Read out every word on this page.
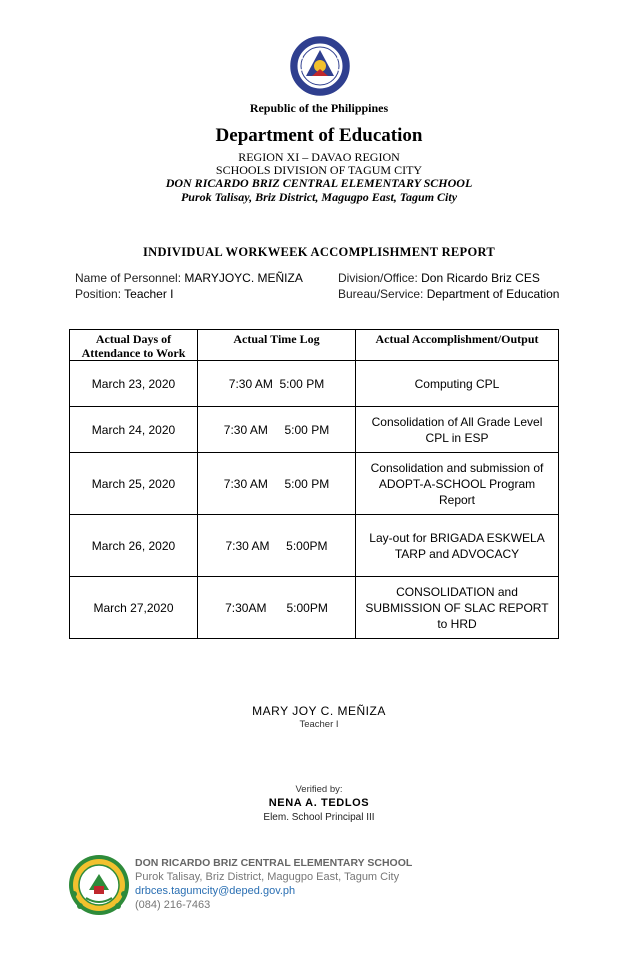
Republic of the Philippines
Department of Education
REGION XI – DAVAO REGION
SCHOOLS DIVISION OF TAGUM CITY
DON RICARDO BRIZ CENTRAL ELEMENTARY SCHOOL
Purok Talisay, Briz District, Magugpo East, Tagum City
INDIVIDUAL WORKWEEK ACCOMPLISHMENT REPORT
Name of Personnel: MARYJOYC. MEÑIZA
Position: Teacher I
Division/Office: Don Ricardo Briz CES
Bureau/Service: Department of Education
Actual Days of Attendance to Work	Actual Time Log	Actual Accomplishment/Output
March 23, 2020	7:30 AM 5:00 PM	Computing CPL
March 24, 2020	7:30 AM 5:00 PM	Consolidation of All Grade Level CPL in ESP
March 25, 2020	7:30 AM 5:00 PM	Consolidation and submission of ADOPT-A-SCHOOL Program Report
March 26, 2020	7:30 AM 5:00PM	Lay-out for BRIGADA ESKWELA TARP and ADVOCACY
March 27,2020	7:30AM 5:00PM	CONSOLIDATION and SUBMISSION OF SLAC REPORT to HRD
MARY JOY C. MEÑIZA
Teacher I
Verified by:
NENA A. TEDLOS
Elem. School Principal III
DON RICARDO BRIZ CENTRAL ELEMENTARY SCHOOL
Purok Talisay, Briz District, Magugpo East, Tagum City
drbces.tagumcity@deped.gov.ph
(084) 216-7463
